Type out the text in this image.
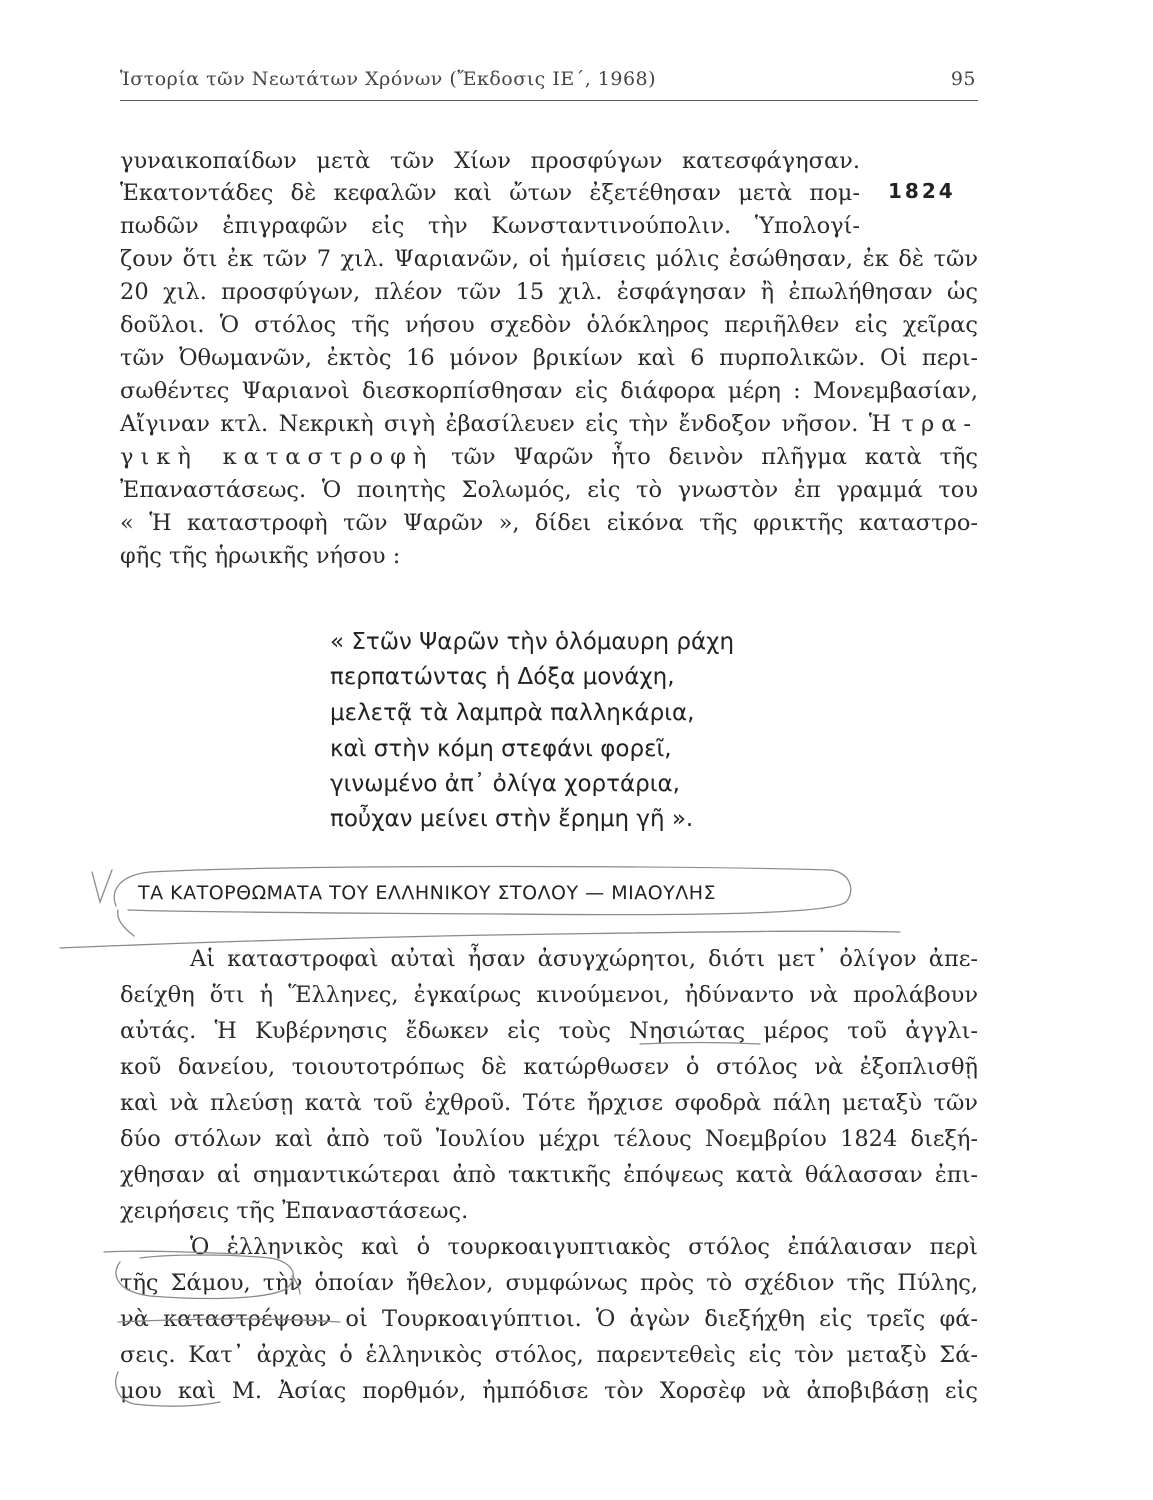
Ἱστορία τῶν Νεωτάτων Χρόνων (Ἔκδοσις ΙΕ΄, 1968)	95
1824
γυναικοπαίδων μετὰ τῶν Χίων προσφύγων κατεσφάγησαν.
Ἑκατοντάδες δὲ κεφαλῶν καὶ ὤτων ἐξετέθησαν μετὰ πομ-
πωδῶν ἐπιγραφῶν εἰς τὴν Κωνσταντινούπολιν. Ὑπολογί-
ζουν ὅτι ἐκ τῶν 7 χιλ. Ψαριανῶν, οἱ ἡμίσεις μόλις ἐσώθησαν, ἐκ δὲ τῶν
20 χιλ. προσφύγων, πλέον τῶν 15 χιλ. ἐσφάγησαν ἢ ἐπωλήθησαν ὡς
δοῦλοι. Ὁ στόλος τῆς νήσου σχεδὸν ὁλόκληρος περιῆλθεν εἰς χεῖρας
τῶν Ὀθωμανῶν, ἐκτὸς 16 μόνον βρικίων καὶ 6 πυρπολικῶν. Οἱ περι-
σωθέντες Ψαριανοὶ διεσκορπίσθησαν εἰς διάφορα μέρη : Μονεμβασίαν,
Αἴγιναν κτλ. Νεκρικὴ σιγὴ ἐβασίλευεν εἰς τὴν ἔνδοξον νῆσον. Ἡ τρα-
γικὴ καταστροφὴ τῶν Ψαρῶν ἦτο δεινὸν πλῆγμα κατὰ τῆς
Ἐπαναστάσεως. Ὁ ποιητὴς Σολωμός, εἰς τὸ γνωστὸν ἐπ γραμμά του
« Ἡ καταστροφὴ τῶν Ψαρῶν », δίδει εἰκόνα τῆς φρικτῆς καταστρο-
φῆς τῆς ἡρωικῆς νήσου :
« Στῶν Ψαρῶν τὴν ὁλόμαυρη ράχη
περπατώντας ἡ Δόξα μονάχη,
μελετᾷ τὰ λαμπρὰ παλληκάρια,
καὶ στὴν κόμη στεφάνι φορεῖ,
γινωμένο ἀπ᾽ ὀλίγα χορτάρια,
ποὖχαν μείνει στὴν ἔρημη γῆ ».
ΤΑ ΚΑΤΟΡΘΩΜΑΤΑ ΤΟΥ ΕΛΛΗΝΙΚΟΥ ΣΤΟΛΟΥ — ΜΙΑΟΥΛΗΣ
Αἱ καταστροφαὶ αὐταὶ ἦσαν ἀσυγχώρητοι, διότι μετ᾽ ὀλίγον ἀπε-
δείχθη ὅτι ἡ Ἕλληνες, ἐγκαίρως κινούμενοι, ἠδύναντο νὰ προλάβουν
αὐτάς. Ἡ Κυβέρνησις ἔδωκεν εἰς τοὺς Νησιώτας μέρος τοῦ ἀγγλι-
κοῦ δανείου, τοιουτοτρόπως δὲ κατώρθωσεν ὁ στόλος νὰ ἐξοπλισθῇ
καὶ νὰ πλεύσῃ κατὰ τοῦ ἐχθροῦ. Τότε ἤρχισε σφοδρὰ πάλη μεταξὺ τῶν
δύο στόλων καὶ ἀπὸ τοῦ Ἰουλίου μέχρι τέλους Νοεμβρίου 1824 διεξή-
χθησαν αἱ σημαντικώτεραι ἀπὸ τακτικῆς ἐπόψεως κατὰ θάλασσαν ἐπι-
χειρήσεις τῆς Ἐπαναστάσεως.
Ὁ ἑλληνικὸς καὶ ὁ τουρκοαιγυπτιακὸς στόλος ἐπάλαισαν περὶ
τῆς Σάμου, τὴν ὁποίαν ἤθελον, συμφώνως πρὸς τὸ σχέδιον τῆς Πύλης,
νὰ καταστρέψουν οἱ Τουρκοαιγύπτιοι. Ὁ ἀγὼν διεξήχθη εἰς τρεῖς φά-
σεις. Κατ᾽ ἀρχὰς ὁ ἑλληνικὸς στόλος, παρεντεθεὶς εἰς τὸν μεταξὺ Σά-
μου καὶ Μ. Ἀσίας πορθμόν, ἠμπόδισε τὸν Χορσὲφ νὰ ἀποβιβάσῃ εἰς
